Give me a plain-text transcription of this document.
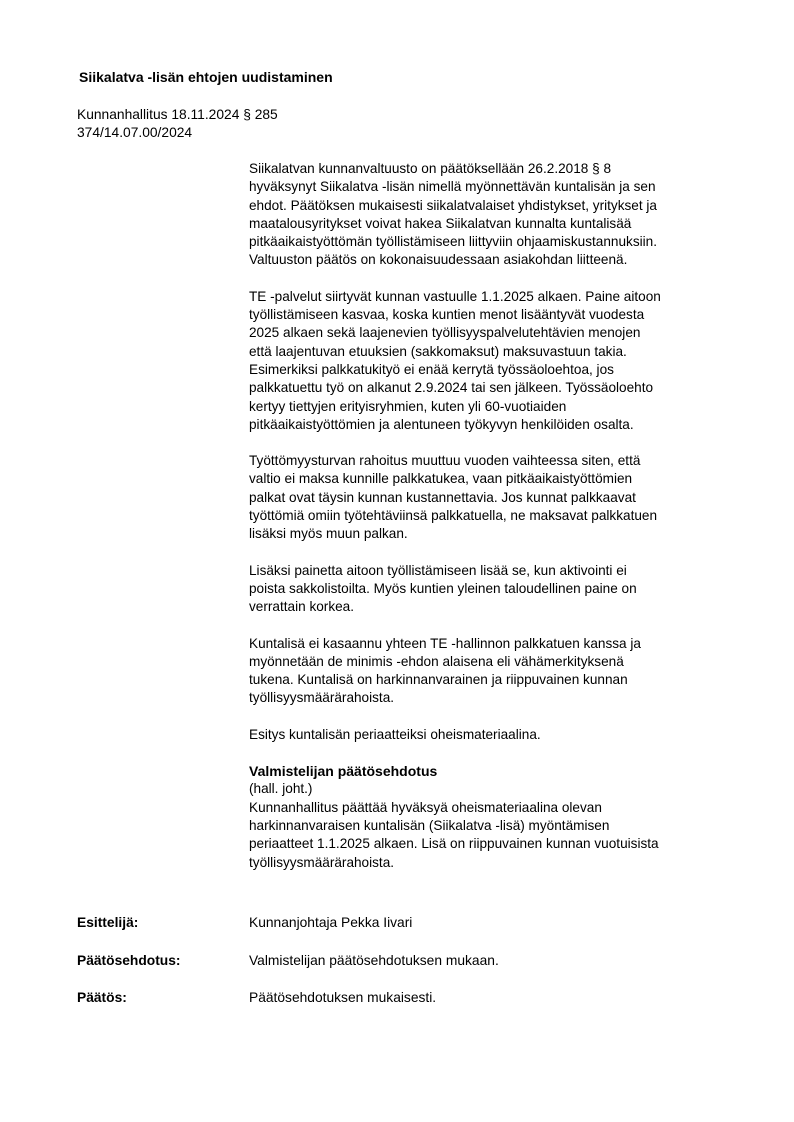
Siikalatva -lisän ehtojen uudistaminen
Kunnanhallitus 18.11.2024 § 285
374/14.07.00/2024

Siikalatvan kunnanvaltuusto on päätöksellään 26.2.2018 § 8
hyväksynyt Siikalatva -lisän nimellä myönnettävän kuntalisän ja sen
ehdot. Päätöksen mukaisesti siikalatvalaiset yhdistykset, yritykset ja
maatalousyritykset voivat hakea Siikalatvan kunnalta kuntalisää
pitkäaikaistyöttömän työllistämiseen liittyviin ohjaamiskustannuksiin.
Valtuuston päätös on kokonaisuudessaan asiakohdan liitteenä.

TE -palvelut siirtyvät kunnan vastuulle 1.1.2025 alkaen. Paine aitoon
työllistämiseen kasvaa, koska kuntien menot lisääntyvät vuodesta
2025 alkaen sekä laajenevien työllisyyspalvelutehtävien menojen
että laajentuvan etuuksien (sakkomaksut) maksuvastuun takia.
Esimerkiksi palkkatukityö ei enää kerrytä työssäoloehtoa, jos
palkkatuettu työ on alkanut 2.9.2024 tai sen jälkeen. Työssäoloehto
kertyy tiettyjen erityisryhmien, kuten yli 60-vuotiaiden
pitkäaikaistyöttömien ja alentuneen työkyvyn henkilöiden osalta.

Työttömyysturvan rahoitus muuttuu vuoden vaihteessa siten, että
valtio ei maksa kunnille palkkatukea, vaan pitkäaikaistyöttömien
palkat ovat täysin kunnan kustannettavia. Jos kunnat palkkaavat
työttömiä omiin työtehtäviinsä palkkatuella, ne maksavat palkkatuen
lisäksi myös muun palkan.

Lisäksi painetta aitoon työllistämiseen lisää se, kun aktivointi ei
poista sakkolistoilta. Myös kuntien yleinen taloudellinen paine on
verrattain korkea.

Kuntalisä ei kasaannu yhteen TE -hallinnon palkkatuen kanssa ja
myönnetään de minimis -ehdon alaisena eli vähämerkityksenä
tukena. Kuntalisä on harkinnanvarainen ja riippuvainen kunnan
työllisyysmäärärahoista.

Esitys kuntalisän periaatteiksi oheismateriaalina.

Valmistelijan päätösehdotus
(hall. joht.)
Kunnanhallitus päättää hyväksyä oheismateriaalina olevan
harkinnanvaraisen kuntalisän (Siikalatva -lisä) myöntämisen
periaatteet 1.1.2025 alkaen. Lisä on riippuvainen kunnan vuotuisista
työllisyysmäärärahoista.

Esittelijä:	Kunnanjohtaja Pekka Iivari
Päätösehdotus:	Valmistelijan päätösehdotuksen mukaan.
Päätös:	Päätösehdotuksen mukaisesti.
